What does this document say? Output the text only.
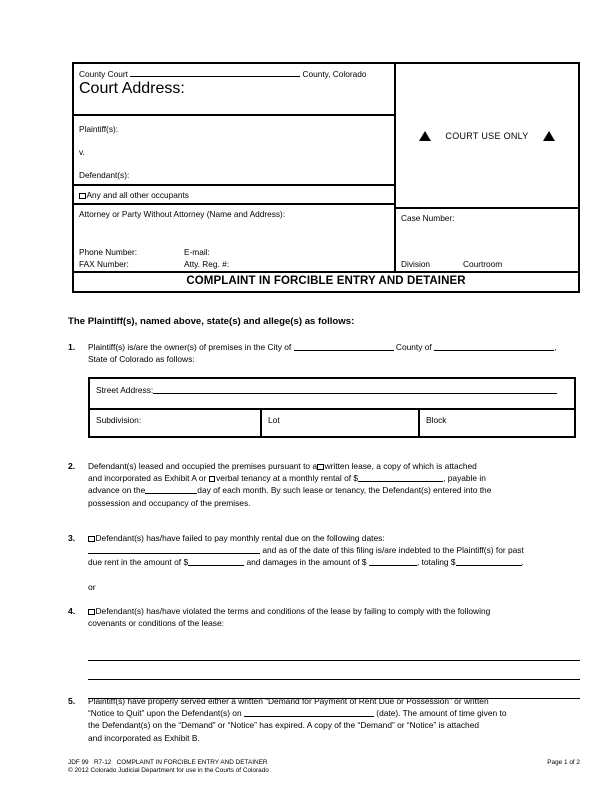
County Court	County, Colorado
Court Address:
Plaintiff(s):
v.
Defendant(s):
Any and all other occupants
Attorney or Party Without Attorney (Name and Address):
Phone Number:	E-mail:
FAX Number:	Atty. Reg. #:
COURT USE ONLY
Case Number:
Division	Courtroom
COMPLAINT IN FORCIBLE ENTRY AND DETAINER
The Plaintiff(s), named above, state(s) and allege(s) as follows:
1.	Plaintiff(s) is/are the owner(s) of premises in the City of	County of	,
State of Colorado as follows:
Street Address:
Subdivision:	Lot	Block
2.	Defendant(s) leased and occupied the premises pursuant to a written lease, a copy of which is attached
and incorporated as Exhibit A or verbal tenancy at a monthly rental of $	, payable in
advance on the	day of each month. By such lease or tenancy, the Defendant(s) entered into the
possession and occupancy of the premises.
3.	Defendant(s) has/have failed to pay monthly rental due on the following dates:
and as of the date of this filing is/are indebted to the Plaintiff(s) for past
due rent in the amount of $	and damages in the amount of $	, totaling $	.
or
4.	Defendant(s) has/have violated the terms and conditions of the lease by failing to comply with the following
covenants or conditions of the lease:
5.	Plaintiff(s) have properly served either a written “Demand for Payment of Rent Due or Possession” or written
“Notice to Quit” upon the Defendant(s) on	(date). The amount of time given to
the Defendant(s) on the “Demand” or “Notice” has expired. A copy of the “Demand” or “Notice” is attached
and incorporated as Exhibit B.
JDF 99 R7-12 COMPLAINT IN FORCIBLE ENTRY AND DETAINER	Page 1 of 2
© 2012 Colorado Judicial Department for use in the Courts of Colorado
